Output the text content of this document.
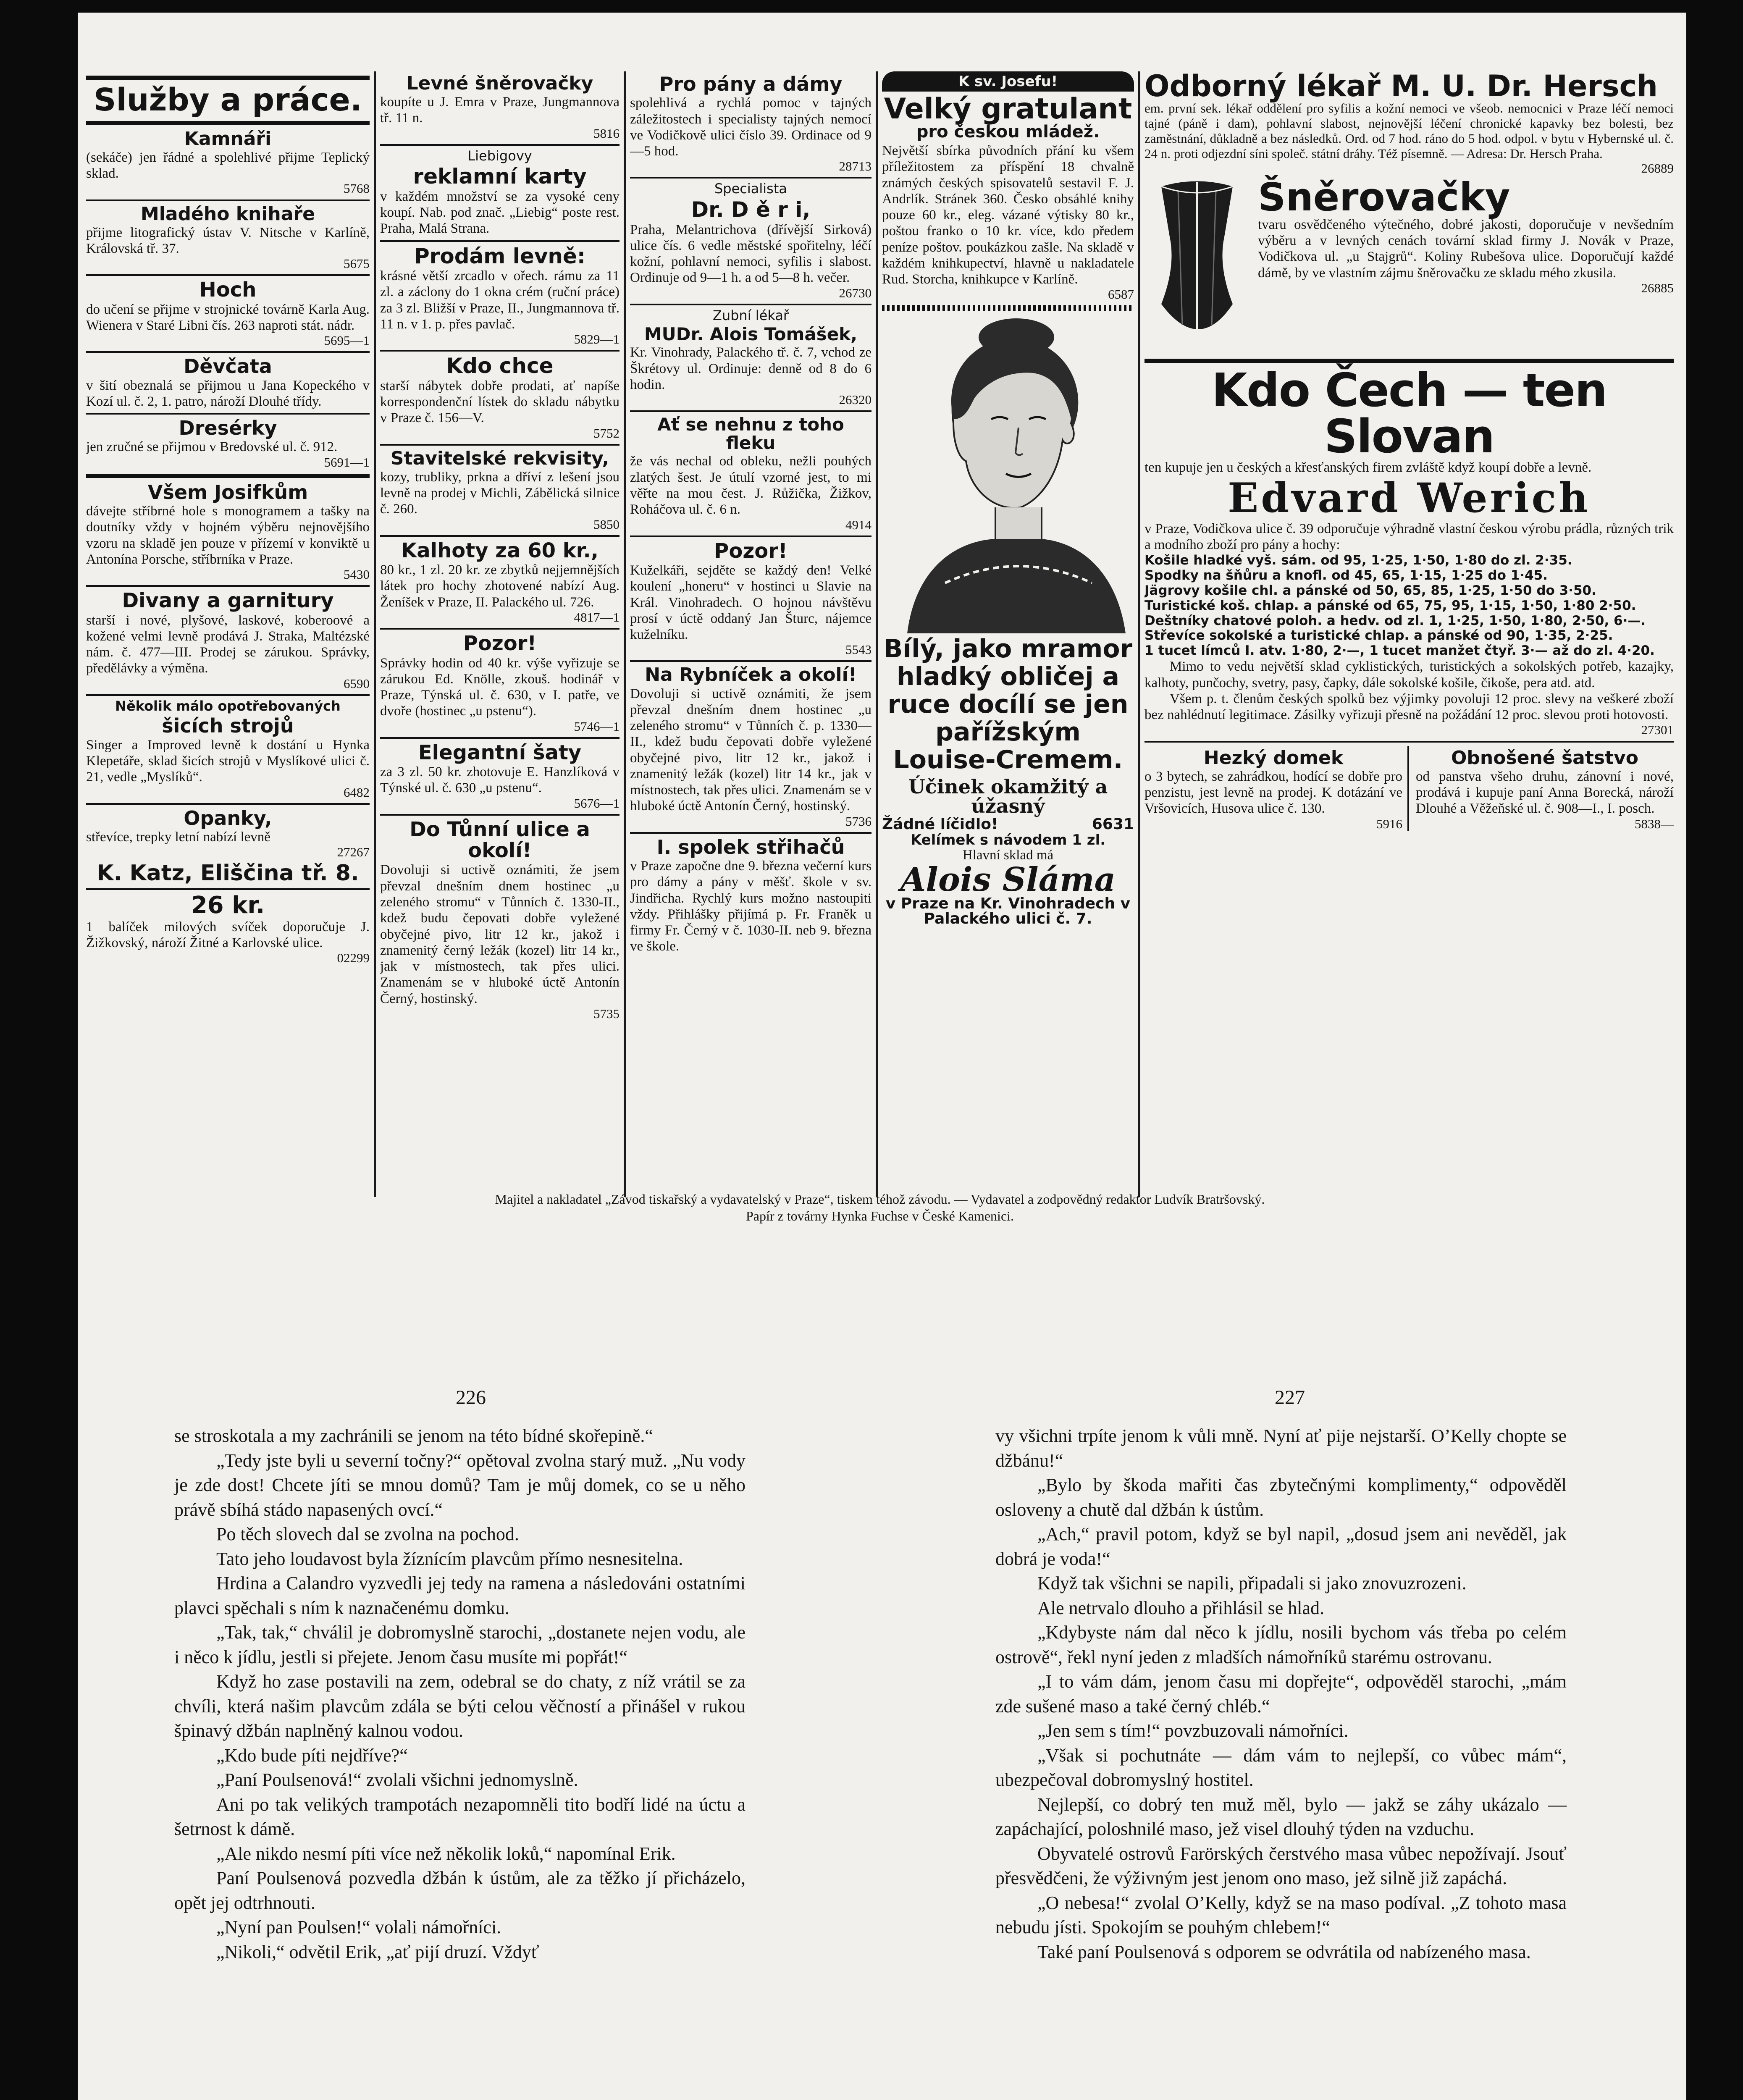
Služby a práce.
Kamnáři

(sekáče) jen řádné a spolehlivé přijme Teplický sklad.

5768
Mladého knihaře

přijme litografický ústav V. Nitsche v Karlíně, Královská tř. 37.

5675
Hoch

do učení se přijme v strojnické továrně Karla Aug. Wienera v Staré Libni čís. 263 naproti stát. nádr.

5695—1
Děvčata

v šití obeznalá se přijmou u Jana Kopeckého v Kozí ul. č. 2, 1. patro, nároží Dlouhé třídy.

Dresérky

jen zručné se přijmou v Bredovské ul. č. 912.

5691—1
Všem Josifkům

dávejte stříbrné hole s monogramem a tašky na doutníky vždy v hojném výběru nejnovějšího vzoru na skladě jen pouze v přízemí v konviktě u Antonína Porsche, stříbrníka v Praze.

5430
Divany a garnitury

starší i nové, plyšové, laskové, koberoové a kožené velmi levně prodává J. Straka, Maltézské nám. č. 477—III. Prodej se zárukou. Správky, předělávky a výměna.

6590
Několik málo opotřebovaných
šicích strojů

Singer a Improved levně k dostání u Hynka Klepetáře, sklad šicích strojů v Myslíkové ulici č. 21, vedle „Myslíků“.

6482
Opanky,

střevíce, trepky letní nabízí levně

27267
K. Katz, Eliščina tř. 8.
26 kr.

1 balíček milových svíček doporučuje J. Žižkovský, nároží Žitné a Karlovské ulice.

02299
Levné šněrovačky

koupíte u J. Emra v Praze, Jungmannova tř. 11 n.

5816
Liebigovy
reklamní karty

v každém množství se za vysoké ceny koupí. Nab. pod znač. „Liebig“ poste rest. Praha, Malá Strana.

Prodám levně:

krásné větší zrcadlo v ořech. rámu za 11 zl. a záclony do 1 okna crém (ruční práce) za 3 zl. Bližší v Praze, II., Jungmannova tř. 11 n. v 1. p. přes pavlač.

5829—1
Kdo chce

starší nábytek dobře prodati, ať napíše korrespondenční lístek do skladu nábytku v Praze č. 156—V.

5752
Stavitelské rekvisity,

kozy, trubliky, prkna a dříví z lešení jsou levně na prodej v Michli, Zábělická silnice č. 260.

5850
Kalhoty za 60 kr.,

80 kr., 1 zl. 20 kr. ze zbytků nejjemnějších látek pro hochy zhotovené nabízí Aug. Ženíšek v Praze, II. Palackého ul. 726.

4817—1
Pozor!

Správky hodin od 40 kr. výše vyřizuje se zárukou Ed. Knölle, zkouš. hodinář v Praze, Týnská ul. č. 630, v I. patře, ve dvoře (hostinec „u pstenu“).

5746—1
Elegantní šaty

za 3 zl. 50 kr. zhotovuje E. Hanzlíková v Týnské ul. č. 630 „u pstenu“.

5676—1
Do Tůnní ulice a okolí!

Dovoluji si uctivě oznámiti, že jsem převzal dnešním dnem hostinec „u zeleného stromu“ v Tůnních č. 1330-II., kdež budu čepovati dobře vyležené obyčejné pivo, litr 12 kr., jakož i znamenitý černý ležák (kozel) litr 14 kr., jak v místnostech, tak přes ulici. Znamenám se v hluboké úctě Antonín Černý, hostinský.

5735
Pro pány a dámy

spolehlivá a rychlá pomoc v tajných záležitostech i specialisty tajných nemocí ve Vodičkově ulici číslo 39. Ordinace od 9—5 hod.

28713
Specialista
Dr. D ě r i,

Praha, Melantrichova (dřívější Sirková) ulice čís. 6 vedle městské spořitelny, léčí kožní, pohlavní nemoci, syfilis i slabost. Ordinuje od 9—1 h. a od 5—8 h. večer.

26730
Zubní lékař
MUDr. Alois Tomášek,

Kr. Vinohrady, Palackého tř. č. 7, vchod ze Škrétovy ul. Ordinuje: denně od 8 do 6 hodin.

26320
Ať se nehnu z toho fleku

že vás nechal od obleku, nežli pouhých zlatých šest. Je útulí vzorné jest, to mi věřte na mou čest. J. Růžička, Žižkov, Roháčova ul. č. 6 n.

4914
Pozor!

Kuželkáři, sejděte se každý den! Velké koulení „honeru“ v hostinci u Slavie na Král. Vinohradech. O hojnou návštěvu prosí v úctě oddaný Jan Šturc, nájemce kuželníku.

5543
Na Rybníček a okolí!

Dovoluji si uctivě oznámiti, že jsem převzal dnešním dnem hostinec „u zeleného stromu“ v Tůnních č. p. 1330—II., kdež budu čepovati dobře vyležené obyčejné pivo, litr 12 kr., jakož i znamenitý ležák (kozel) litr 14 kr., jak v místnostech, tak přes ulici. Znamenám se v hluboké úctě Antonín Černý, hostinský.

5736
I. spolek střihačů

v Praze započne dne 9. března večerní kurs pro dámy a pány v měšť. škole v sv. Jindřicha. Rychlý kurs možno nastoupiti vždy. Přihlášky přijímá p. Fr. Franěk u firmy Fr. Černý v č. 1030-II. neb 9. března ve škole.

K sv. Josefu!
Velký gratulant
pro českou mládež.

Největší sbírka původních přání ku všem příležitostem za příspění 18 chvalně známých českých spisovatelů sestavil F. J. Andrlík. Stránek 360. Česko obsáhlé knihy pouze 60 kr., eleg. vázané výtisky 80 kr., poštou franko o 10 kr. více, kdo předem peníze poštov. poukázkou zašle. Na skladě v každém knihkupectví, hlavně u nakladatele Rud. Storcha, knihkupce v Karlíně.

6587
Bílý, jako mramor hladký obličej a ruce docílí se jen pařížským Louise-Cremem.
Účinek okamžitý a úžasný
Žádné líčidlo!	6631
Kelímek s návodem 1 zl.
Hlavní sklad má
Alois Sláma
v Praze na Kr. Vinohradech v Palackého ulici č. 7.
Odborný lékař M. U. Dr. Hersch

em. první sek. lékař oddělení pro syfilis a kožní nemoci ve všeob. nemocnici v Praze léčí nemoci tajné (páně i dam), pohlavní slabost, nejnovější léčení chronické kapavky bez bolesti, bez zaměstnání, důkladně a bez následků. Ord. od 7 hod. ráno do 5 hod. odpol. v bytu v Hybernské ul. č. 24 n. proti odjezdní síni společ. státní dráhy. Též písemně. — Adresa: Dr. Hersch Praha.

26889
Šněrovačky

tvaru osvědčeného výtečného, dobré jakosti, doporučuje v nevšedním výběru a v levných cenách tovární sklad firmy J. Novák v Praze, Vodičkova ul. „u Stajgrů“. Koliny Rubešova ulice. Doporučují každé dámě, by ve vlastním zájmu šněrovačku ze skladu mého zkusila.

26885
Kdo Čech — ten Slovan

ten kupuje jen u českých a křesťanských firem zvláště když koupí dobře a levně.

Edvard Werich

v Praze, Vodičkova ulice č. 39 odporučuje výhradně vlastní českou výrobu prádla, různých trik a modního zboží pro pány a hochy:

Košile hladké vyš. sám. od 95, 1·25, 1·50, 1·80 do zl. 2·35.

Spodky na šňůru a knofl. od 45, 65, 1·15, 1·25 do 1·45.

Jägrovy košile chl. a pánské od 50, 65, 85, 1·25, 1·50 do 3·50.

Turistické koš. chlap. a pánské od 65, 75, 95, 1·15, 1·50, 1·80 2·50.

Deštníky chatové poloh. a hedv. od zl. 1, 1·25, 1·50, 1·80, 2·50, 6·—.

Střevíce sokolské a turistické chlap. a pánské od 90, 1·35, 2·25.

1 tucet límců I. atv. 1·80, 2·—, 1 tucet manžet čtyř. 3·— až do zl. 4·20.

Mimo to vedu největší sklad cyklistických, turistických a sokolských potřeb, kazajky, kalhoty, punčochy, svetry, pasy, čapky, dále sokolské košile, čikoše, pera atd. atd.

Všem p. t. členům českých spolků bez výjimky povoluji 12 proc. slevy na veškeré zboží bez nahlédnutí legitimace. Zásilky vyřizuji přesně na požádání 12 proc. slevou proti hotovosti.

27301
Hezký domek

o 3 bytech, se zahrádkou, hodící se dobře pro penzistu, jest levně na prodej. K dotázání ve Vršovicích, Husova ulice č. 130.

5916
Obnošené šatstvo

od panstva všeho druhu, zánovní i nové, prodává i kupuje paní Anna Borecká, nároží Dlouhé a Věžeňské ul. č. 908—I., I. posch.

5838—
Majitel a nakladatel „Závod tiskařský a vydavatelský v Praze“, tiskem téhož závodu. — Vydavatel a zodpovědný redaktor Ludvík Bratršovský.
Papír z továrny Hynka Fuchse v České Kamenici.
226	227

se stroskotala a my zachránili se jenom na této bídné skořepině.“

„Tedy jste byli u severní točny?“ opětoval zvolna starý muž. „Nu vody je zde dost! Chcete jíti se mnou domů? Tam je můj domek, co se u něho právě sbíhá stádo napasených ovcí.“

Po těch slovech dal se zvolna na pochod.

Tato jeho loudavost byla žíznícím plavcům přímo nesnesitelna.

Hrdina a Calandro vyzvedli jej tedy na ramena a následováni ostatními plavci spěchali s ním k naznačenému domku.

„Tak, tak,“ chválil je dobromyslně starochi, „dostanete nejen vodu, ale i něco k jídlu, jestli si přejete. Jenom času musíte mi popřát!“

Když ho zase postavili na zem, odebral se do chaty, z níž vrátil se za chvíli, která našim plavcům zdála se býti celou věčností a přinášel v rukou špinavý džbán naplněný kalnou vodou.

„Kdo bude píti nejdříve?“

„Paní Poulsenová!“ zvolali všichni jednomyslně.

Ani po tak velikých trampotách nezapomněli tito bodří lidé na úctu a šetrnost k dámě.

„Ale nikdo nesmí píti více než několik loků,“ napomínal Erik.

Paní Poulsenová pozvedla džbán k ústům, ale za těžko jí přicházelo, opět jej odtrhnouti.

„Nyní pan Poulsen!“ volali námořníci.

„Nikoli,“ odvětil Erik, „ať pijí druzí. Vždyť

vy všichni trpíte jenom k vůli mně. Nyní ať pije nejstarší. O’Kelly chopte se džbánu!“

„Bylo by škoda mařiti čas zbytečnými komplimenty,“ odpověděl osloveny a chutě dal džbán k ústům.

„Ach,“ pravil potom, když se byl napil, „dosud jsem ani nevěděl, jak dobrá je voda!“

Když tak všichni se napili, připadali si jako znovuzrozeni.

Ale netrvalo dlouho a přihlásil se hlad.

„Kdybyste nám dal něco k jídlu, nosili bychom vás třeba po celém ostrově“, řekl nyní jeden z mladších námořníků starému ostrovanu.

„I to vám dám, jenom času mi dopřejte“, odpověděl starochi, „mám zde sušené maso a také černý chléb.“

„Jen sem s tím!“ povzbuzovali námořníci.

„Však si pochutnáte — dám vám to nejlepší, co vůbec mám“, ubezpečoval dobromyslný hostitel.

Nejlepší, co dobrý ten muž měl, bylo — jakž se záhy ukázalo — zapáchající, poloshnilé maso, jež visel dlouhý týden na vzduchu.

Obyvatelé ostrovů Farörských čerstvého masa vůbec nepožívají. Jsouť přesvědčeni, že výživným jest jenom ono maso, jež silně již zapáchá.

„O nebesa!“ zvolal O’Kelly, když se na maso podíval. „Z tohoto masa nebudu jísti. Spokojím se pouhým chlebem!“

Také paní Poulsenová s odporem se odvrátila od nabízeného masa.
